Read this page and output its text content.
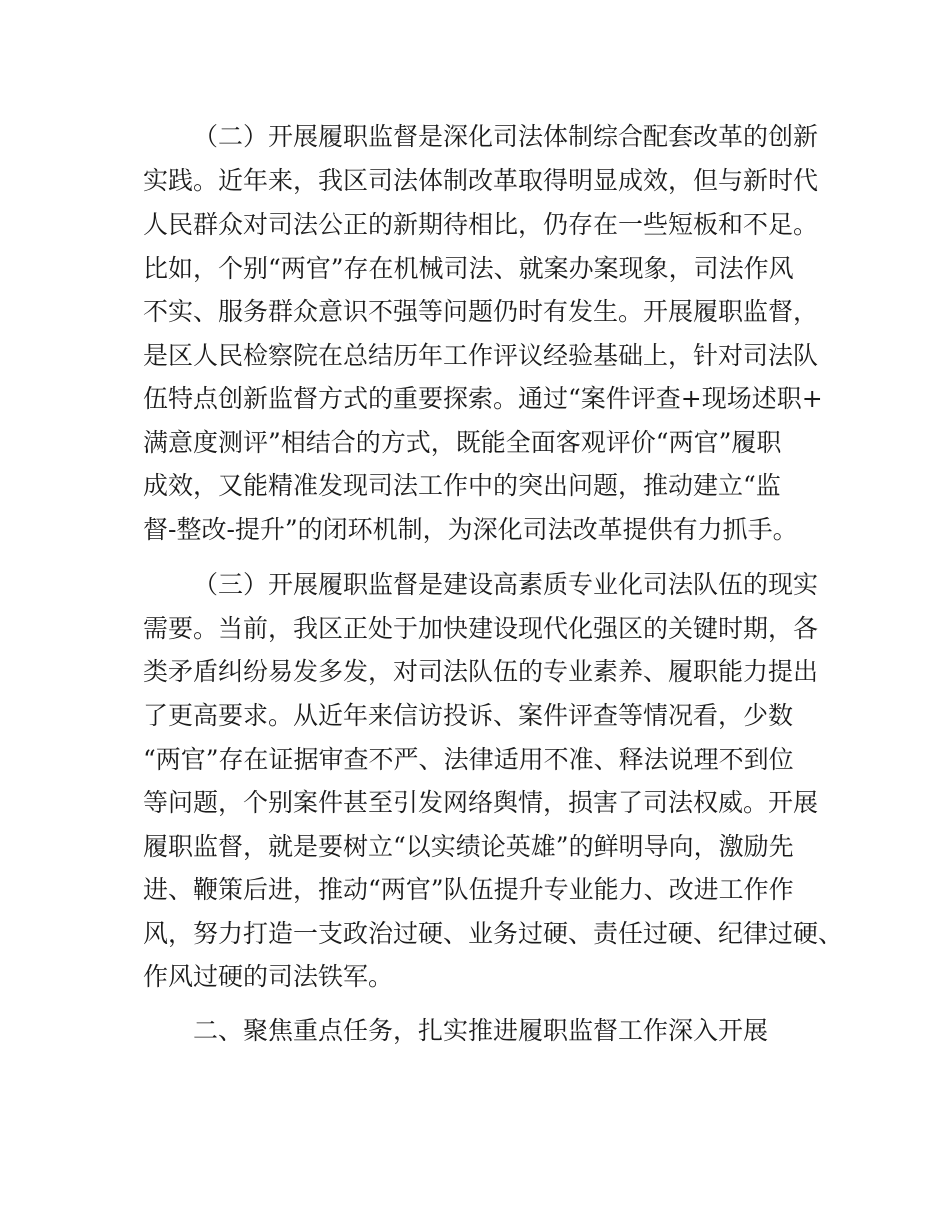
（二）开展履职监督是深化司法体制综合配套改革的创新
实践。近年来，我区司法体制改革取得明显成效，但与新时代
人民群众对司法公正的新期待相比，仍存在一些短板和不足。
比如，个别“两官”存在机械司法、就案办案现象，司法作风
不实、服务群众意识不强等问题仍时有发生。开展履职监督，
是区人民检察院在总结历年工作评议经验基础上，针对司法队
伍特点创新监督方式的重要探索。通过“案件评查+现场述职+
满意度测评”相结合的方式，既能全面客观评价“两官”履职
成效，又能精准发现司法工作中的突出问题，推动建立“监
督-整改-提升”的闭环机制，为深化司法改革提供有力抓手。
（三）开展履职监督是建设高素质专业化司法队伍的现实
需要。当前，我区正处于加快建设现代化强区的关键时期，各
类矛盾纠纷易发多发，对司法队伍的专业素养、履职能力提出
了更高要求。从近年来信访投诉、案件评查等情况看，少数
“两官”存在证据审查不严、法律适用不准、释法说理不到位
等问题，个别案件甚至引发网络舆情，损害了司法权威。开展
履职监督，就是要树立“以实绩论英雄”的鲜明导向，激励先
进、鞭策后进，推动“两官”队伍提升专业能力、改进工作作
风，努力打造一支政治过硬、业务过硬、责任过硬、纪律过硬、
作风过硬的司法铁军。
二、聚焦重点任务，扎实推进履职监督工作深入开展
